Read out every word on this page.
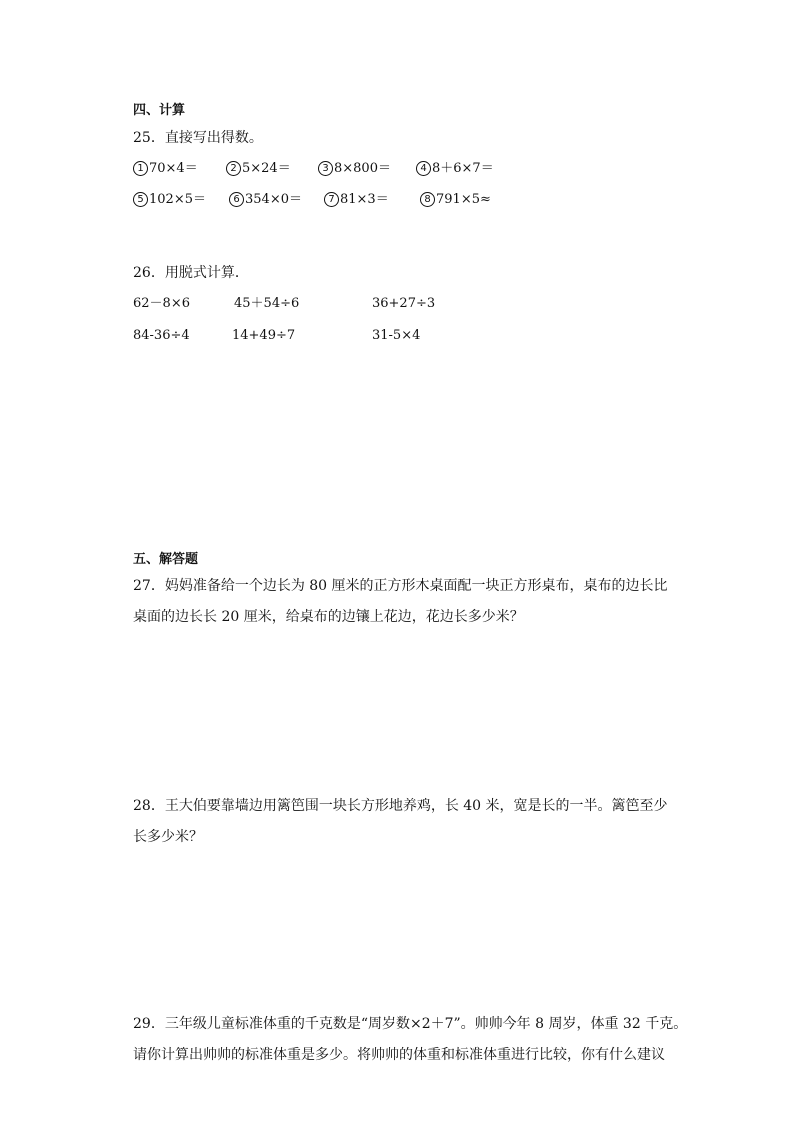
四、计算
25．直接写出得数。
1 70×4＝	2 5×24＝	3 8×800＝	4 8＋6×7＝
5 102×5＝	6 354×0＝	7 81×3＝	8 791×5≈
26．用脱式计算．
62－8×6	45＋54÷6	36+27÷3
84-36÷4	14+49÷7	31-5×4
五、解答题
27．妈妈准备给一个边长为 80 厘米的正方形木桌面配一块正方形桌布，桌布的边长比
桌面的边长长 20 厘米，给桌布的边镶上花边，花边长多少米？
28．王大伯要靠墙边用篱笆围一块长方形地养鸡，长 40 米，宽是长的一半。篱笆至少
长多少米？
29．三年级儿童标准体重的千克数是“周岁数×2＋7”。帅帅今年 8 周岁，体重 32 千克。
请你计算出帅帅的标准体重是多少。将帅帅的体重和标准体重进行比较，你有什么建议
